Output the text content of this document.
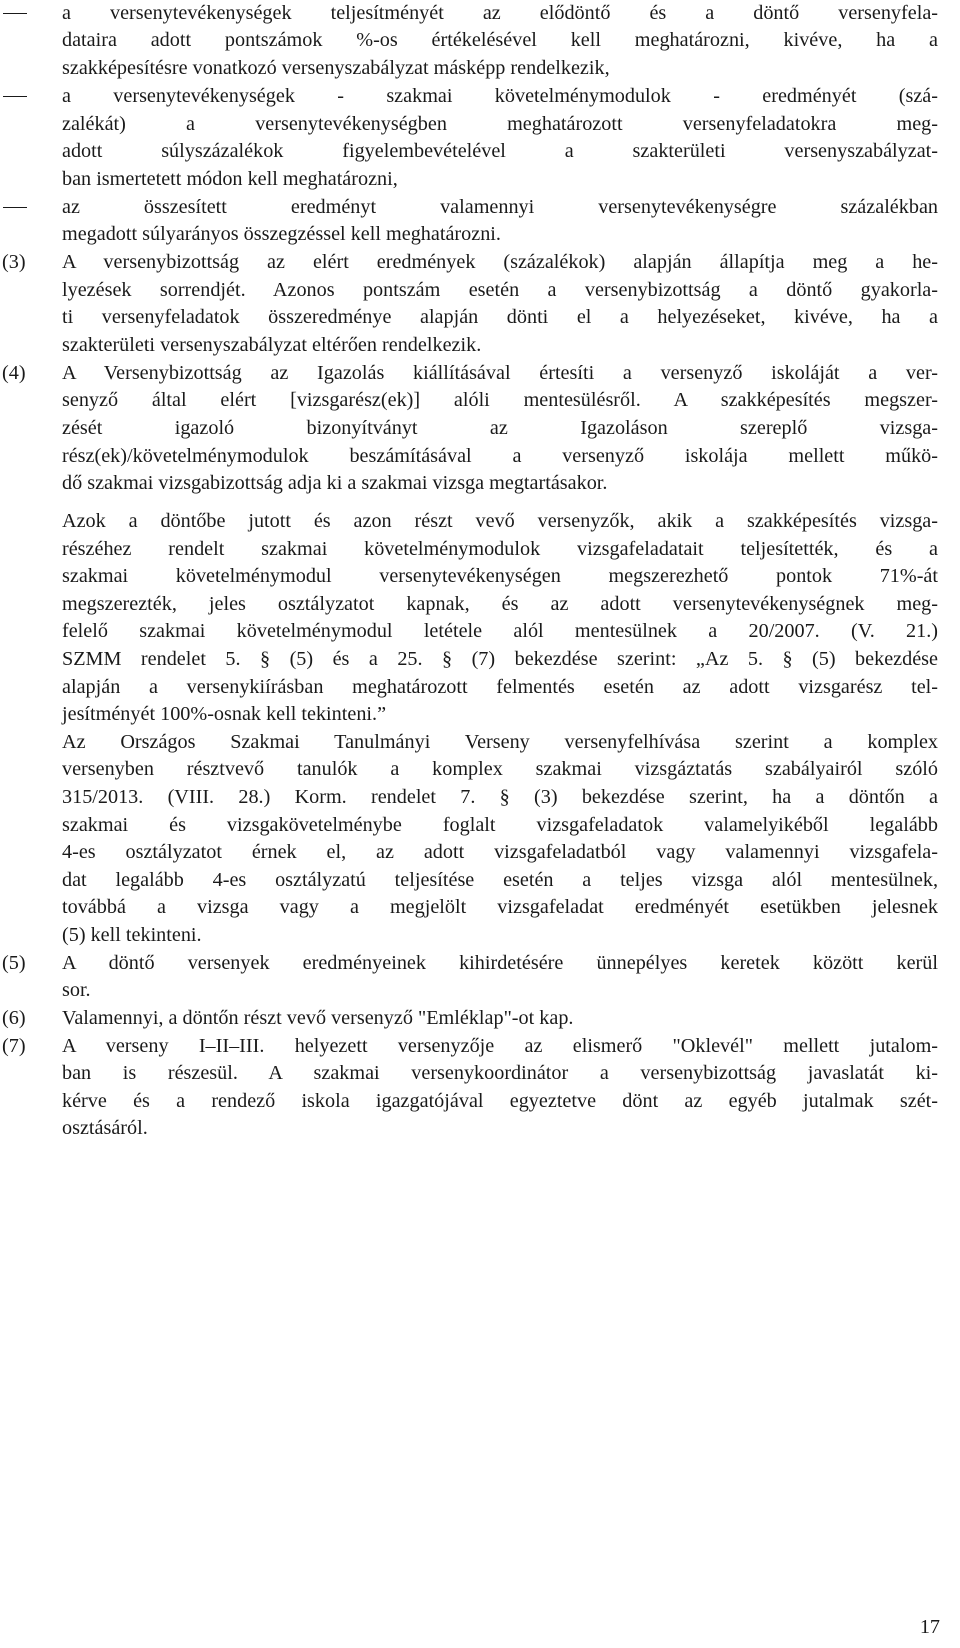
a versenytevékenységek teljesítményét az elődöntő és a döntő versenyfela-
dataira adott pontszámok %-os értékelésével kell meghatározni, kivéve, ha a
szakképesítésre vonatkozó versenyszabályzat másképp rendelkezik,
a versenytevékenységek - szakmai követelménymodulok - eredményét (szá-
zalékát) a versenytevékenységben meghatározott versenyfeladatokra meg-
adott súlyszázalékok figyelembevételével a szakterületi versenyszabályzat-
ban ismertetett módon kell meghatározni,
az összesített eredményt valamennyi versenytevékenységre százalékban
megadott súlyarányos összegzéssel kell meghatározni.
(3) A versenybizottság az elért eredmények (százalékok) alapján állapítja meg a he-
lyezések sorrendjét. Azonos pontszám esetén a versenybizottság a döntő gyakorla-
ti versenyfeladatok összeredménye alapján dönti el a helyezéseket, kivéve, ha a
szakterületi versenyszabályzat eltérően rendelkezik.
(4) A Versenybizottság az Igazolás kiállításával értesíti a versenyző iskoláját a ver-
senyző által elért [vizsgarész(ek)] alóli mentesülésről. A szakképesítés megszer-
zését igazoló bizonyítványt az Igazoláson szereplő vizsga-
rész(ek)/követelménymodulok beszámításával a versenyző iskolája mellett műkö-
dő szakmai vizsgabizottság adja ki a szakmai vizsga megtartásakor.
Azok a döntőbe jutott és azon részt vevő versenyzők, akik a szakképesítés vizsga-
részéhez rendelt szakmai követelménymodulok vizsgafeladatait teljesítették, és a
szakmai követelménymodul versenytevékenységen megszerezhető pontok 71%-át
megszerezték, jeles osztályzatot kapnak, és az adott versenytevékenységnek meg-
felelő szakmai követelménymodul letétele alól mentesülnek a 20/2007. (V. 21.)
SZMM rendelet 5. § (5) és a 25. § (7) bekezdése szerint: „Az 5. § (5) bekezdése
alapján a versenykiírásban meghatározott felmentés esetén az adott vizsgarész tel-
jesítményét 100%-osnak kell tekinteni.”
Az Országos Szakmai Tanulmányi Verseny versenyfelhívása szerint a komplex
versenyben résztvevő tanulók a komplex szakmai vizsgáztatás szabályairól szóló
315/2013. (VIII. 28.) Korm. rendelet 7. § (3) bekezdése szerint, ha a döntőn a
szakmai és vizsgakövetelménybe foglalt vizsgafeladatok valamelyikéből legalább
4-es osztályzatot érnek el, az adott vizsgafeladatból vagy valamennyi vizsgafela-
dat legalább 4-es osztályzatú teljesítése esetén a teljes vizsga alól mentesülnek,
továbbá a vizsga vagy a megjelölt vizsgafeladat eredményét esetükben jelesnek
(5) kell tekinteni.
(5) A döntő versenyek eredményeinek kihirdetésére ünnepélyes keretek között kerül
sor.
(6) Valamennyi, a döntőn részt vevő versenyző "Emléklap"-ot kap.
(7) A verseny I–II–III. helyezett versenyzője az elismerő "Oklevél" mellett jutalom-
ban is részesül. A szakmai versenykoordinátor a versenybizottság javaslatát ki-
kérve és a rendező iskola igazgatójával egyeztetve dönt az egyéb jutalmak szét-
osztásáról.
17
